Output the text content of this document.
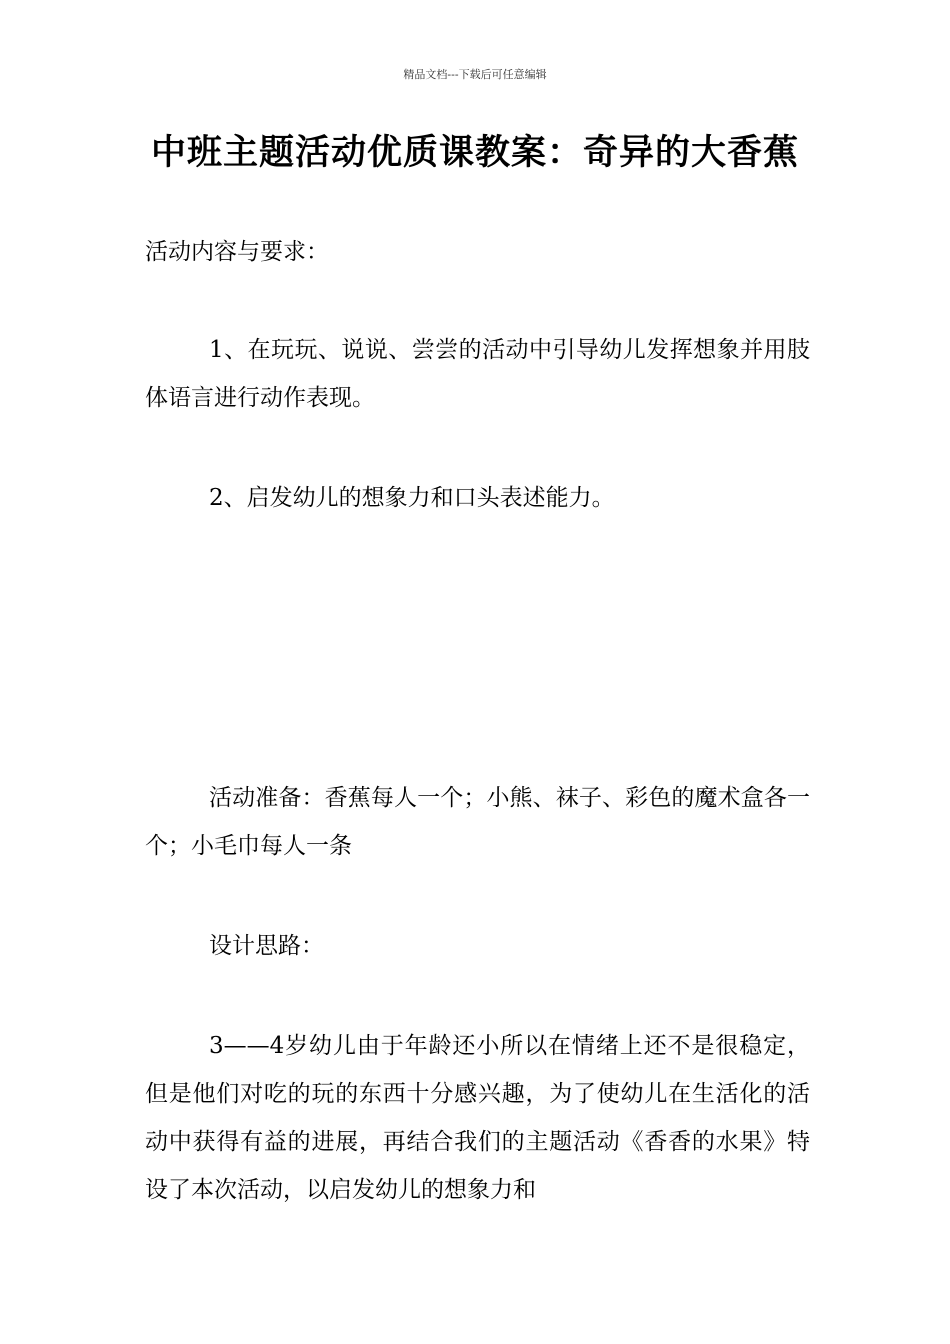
精品文档---下载后可任意编辑
中班主题活动优质课教案：奇异的大香蕉

活动内容与要求：

1、在玩玩、说说、尝尝的活动中引导幼儿发挥想象并用肢体语言进行动作表现。

2、启发幼儿的想象力和口头表述能力。

活动准备：香蕉每人一个；小熊、袜子、彩色的魔术盒各一个；小毛巾每人一条

设计思路：

3——4岁幼儿由于年龄还小所以在情绪上还不是很稳定，但是他们对吃的玩的东西十分感兴趣，为了使幼儿在生活化的活动中获得有益的进展，再结合我们的主题活动《香香的水果》特设了本次活动，以启发幼儿的想象力和
